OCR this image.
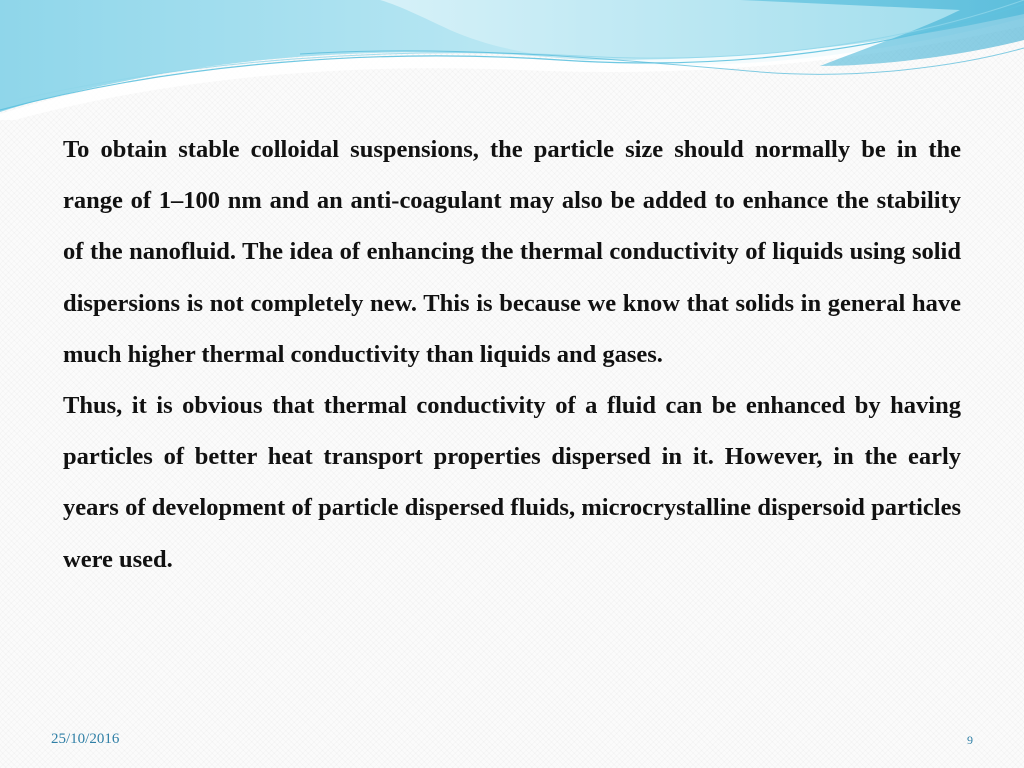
To obtain stable colloidal suspensions, the particle size should normally be in the range of 1–100 nm and an anti-coagulant may also be added to enhance the stability of the nanofluid. The idea of enhancing the thermal conductivity of liquids using solid dispersions is not completely new. This is because we know that solids in general have much higher thermal conductivity than liquids and gases.

Thus, it is obvious that thermal conductivity of a fluid can be enhanced by having particles of better heat transport properties dispersed in it. However, in the early years of development of particle dispersed fluids, microcrystalline dispersoid particles were used.

25/10/2016	9
